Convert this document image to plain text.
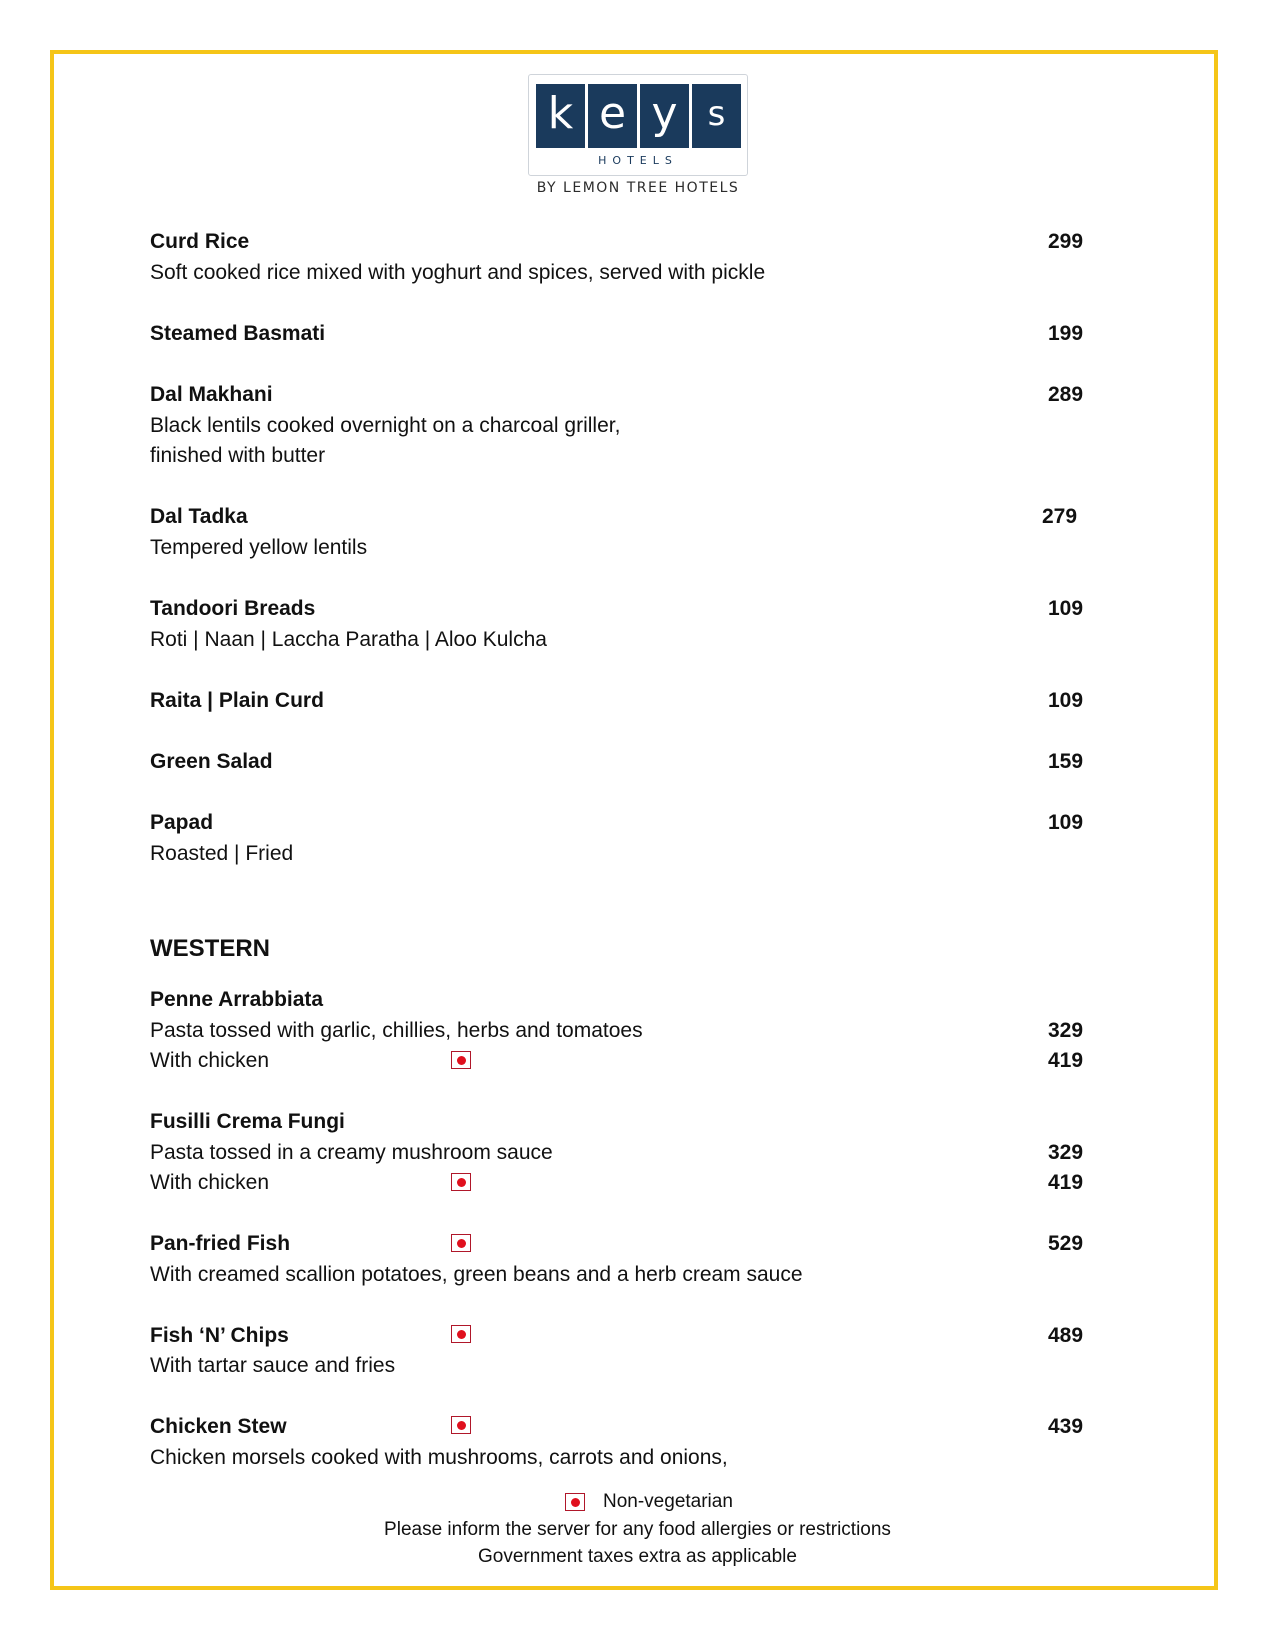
k e y s
HOTELS
BY LEMON TREE HOTELS
Curd Rice	299
Soft cooked rice mixed with yoghurt and spices, served with pickle
Steamed Basmati	199
Dal Makhani	289
Black lentils cooked overnight on a charcoal griller,
finished with butter
Dal Tadka	279
Tempered yellow lentils
Tandoori Breads	109
Roti | Naan | Laccha Paratha | Aloo Kulcha
Raita | Plain Curd	109
Green Salad	159
Papad	109
Roasted | Fried
WESTERN
Penne Arrabbiata
Pasta tossed with garlic, chillies, herbs and tomatoes	329
With chicken	419
Fusilli Crema Fungi
Pasta tossed in a creamy mushroom sauce	329
With chicken	419
Pan-fried Fish	529
With creamed scallion potatoes, green beans and a herb cream sauce
Fish ‘N’ Chips	489
With tartar sauce and fries
Chicken Stew	439
Chicken morsels cooked with mushrooms, carrots and onions,
Non-vegetarian
Please inform the server for any food allergies or restrictions
Government taxes extra as applicable
